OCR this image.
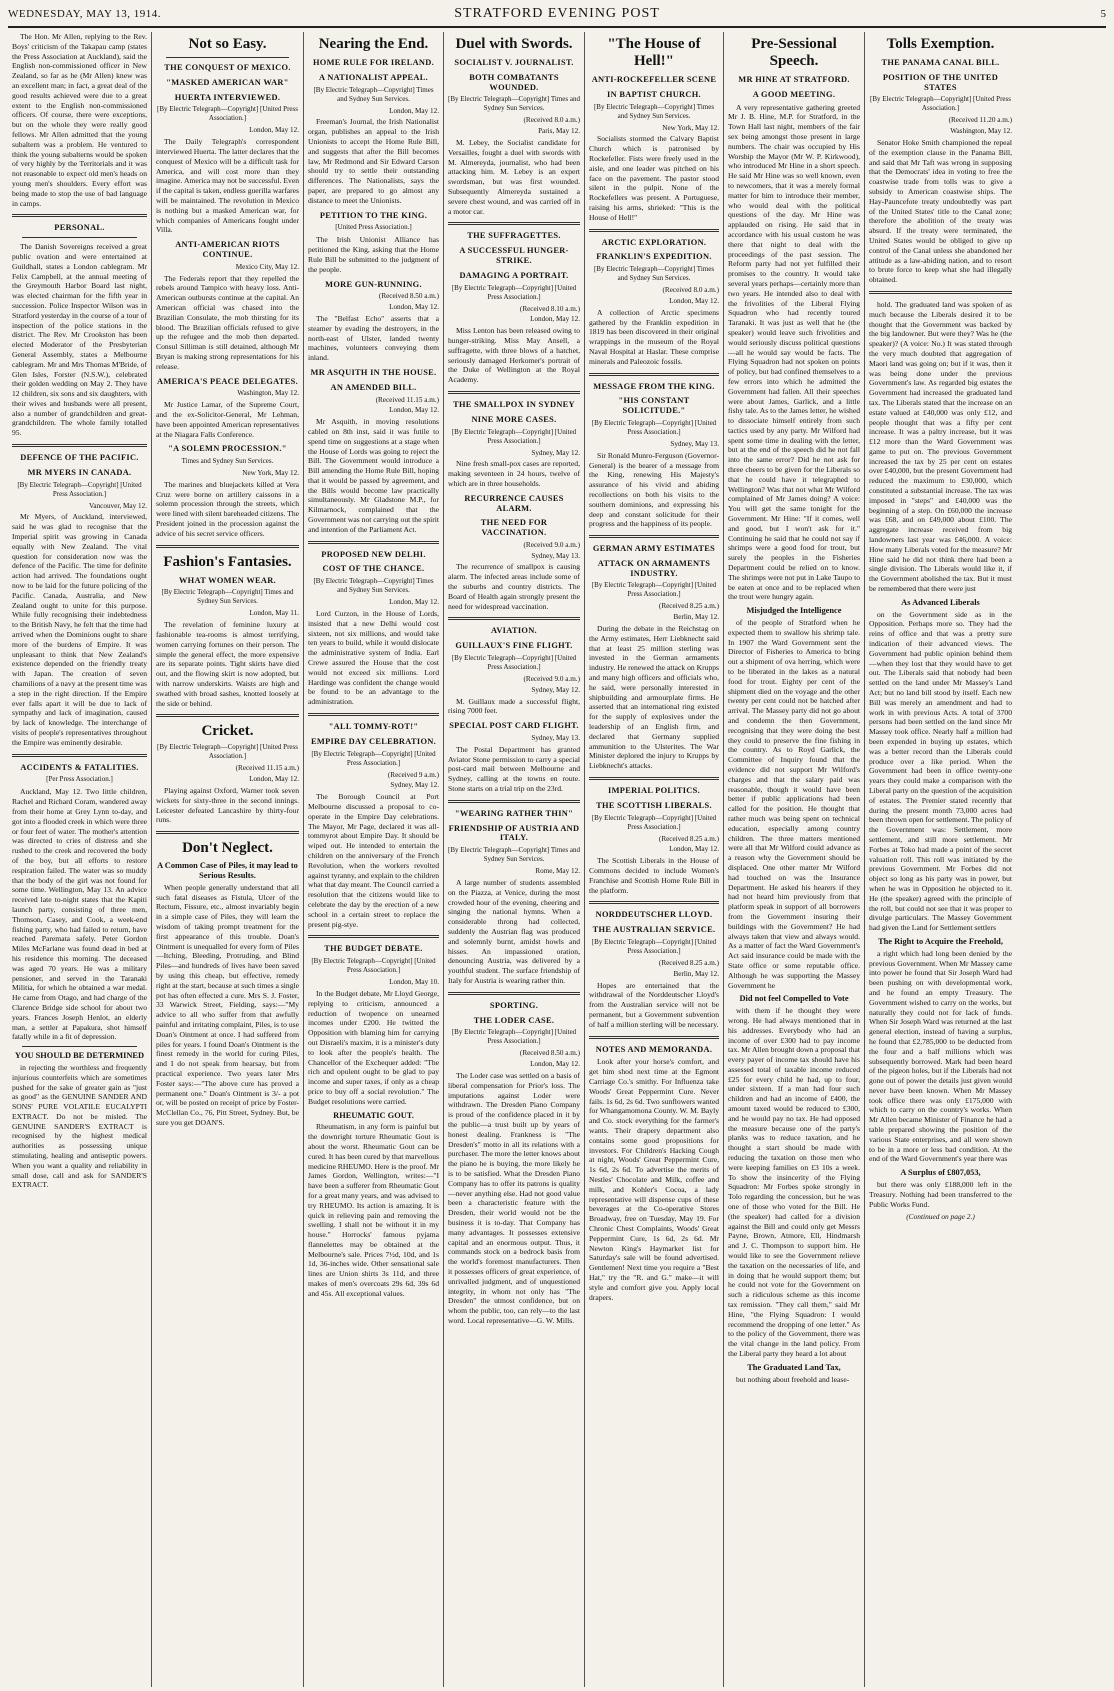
WEDNESDAY, MAY 13, 1914.	STRATFORD EVENING POST	5

The Hon. Mr Allen, replying to the Rev. Boys' criticism of the Takapau camp (states the Press Association at Auckland), said the English non-commissioned officer in New Zealand, so far as he (Mr Allen) knew was an excellent man; in fact, a great deal of the good results achieved were due to a great extent to the English non-commissioned officers. Of course, there were exceptions, but on the whole they were really good fellows. Mr Allen admitted that the young subaltern was a problem. He ventured to think the young subalterns would be spoken of very highly by the Territorials and it was not reasonable to expect old men's heads on young men's shoulders. Every effort was being made to stop the use of bad language in camps.

PERSONAL.

The Danish Sovereigns received a great public ovation and were entertained at Guildhall, states a London cablegram. Mr Felix Campbell, at the annual meeting of the Greymouth Harbor Board last night, was elected chairman for the fifth year in succession. Police Inspector Wilson was in Stratford yesterday in the course of a tour of inspection of the police stations in the district. The Rev. Mr Crookston has been elected Moderator of the Presbyterian General Assembly, states a Melbourne cablegram. Mr and Mrs Thomas M'Bride, of Glen Isles, Forster (N.S.W.), celebrated their golden wedding on May 2. They have 12 children, six sons and six daughters, with their wives and husbands were all present, also a number of grandchildren and great-grandchildren. The whole family totalled 95.

DEFENCE OF THE PACIFIC.
MR MYERS IN CANADA.
[By Electric Telegraph—Copyright] [United Press Association.]
Vancouver, May 12.

Mr Myers, of Auckland, interviewed, said he was glad to recognise that the Imperial spirit was growing in Canada equally with New Zealand. The vital question for consideration now was the defence of the Pacific. The time for definite action had arrived. The foundations ought now to be laid for the future policing of the Pacific. Canada, Australia, and New Zealand ought to unite for this purpose. While fully recognising their indebtedness to the British Navy, he felt that the time had arrived when the Dominions ought to share more of the burdens of Empire. It was unpleasant to think that New Zealand's existence depended on the friendly treaty with Japan. The creation of seven chamilions of a navy at the present time was a step in the right direction. If the Empire ever falls apart it will be due to lack of sympathy and lack of imagination, caused by lack of knowledge. The interchange of visits of people's representatives throughout the Empire was eminently desirable.

ACCIDENTS & FATALITIES.
[Per Press Association.]

Auckland, May 12. Two little children, Rachel and Richard Coram, wandered away from their home at Grey Lynn to-day, and got into a flooded creek in which were three or four feet of water. The mother's attention was directed to cries of distress and she rushed to the creek and recovered the body of the boy, but all efforts to restore respiration failed. The water was so muddy that the body of the girl was not found for some time. Wellington, May 13. An advice received late to-night states that the Kapiti launch party, consisting of three men, Thomson, Casey, and Cook, a week-end fishing party, who had failed to return, have reached Paremata safely. Peter Gordon Miles McFarlane was found dead in bed at his residence this morning. The deceased was aged 70 years. He was a military pensioner, and served in the Taranaki Militia, for which he obtained a war medal. He came from Otago, and had charge of the Clarence Bridge side school for about two years. Frances Joseph Henlot, an elderly man, a settler at Papakura, shot himself fatally while in a fit of depression.

YOU SHOULD BE DETERMINED

in rejecting the worthless and frequently injurious counterfeits which are sometimes pushed for the sake of greater gain as "just as good" as the GENUINE SANDER AND SONS' PURE VOLATILE EUCALYPTI EXTRACT. Do not be misled. The GENUINE SANDER'S EXTRACT is recognised by the highest medical authorities as possessing unique stimulating, healing and antiseptic powers. When you want a quality and reliability in small dose, call and ask for SANDER'S EXTRACT.

Not so Easy.
THE CONQUEST OF MEXICO.
"MASKED AMERICAN WAR"
HUERTA INTERVIEWED.
[By Electric Telegraph—Copyright] [United Press Association.]
London, May 12.

The Daily Telegraph's correspondent interviewed Huerta. The latter declares that the conquest of Mexico will be a difficult task for America, and will cost more than they imagine. America may not be successful. Even if the capital is taken, endless guerilla warfares will be maintained. The revolution in Mexico is nothing but a masked American war, for which companies of Americans fought under Villa.

ANTI-AMERICAN RIOTS CONTINUE.
Mexico City, May 12.

The Federals report that they repelled the rebels around Tampico with heavy loss. Anti-American outbursts continue at the capital. An American official was chased into the Brazilian Consulate, the mob thirsting for its blood. The Brazilian officials refused to give up the refugee and the mob then departed. Consul Silliman is still detained, although Mr Bryan is making strong representations for his release.

AMERICA'S PEACE DELEGATES.
Washington, May 12.

Mr Justice Lamar, of the Supreme Court, and the ex-Solicitor-General, Mr Lehman, have been appointed American representatives at the Niagara Falls Conference.

"A SOLEMN PROCESSION."
Times and Sydney Sun Services.
New York, May 12.

The marines and bluejackets killed at Vera Cruz were borne on artillery caissons in a solemn procession through the streets, which were lined with silent bareheaded citizens. The President joined in the procession against the advice of his secret service officers.

Fashion's Fantasies.
WHAT WOMEN WEAR.
[By Electric Telegraph—Copyright] Times and Sydney Sun Services.
London, May 11.

The revelation of feminine luxury at fashionable tea-rooms is almost terrifying, women carrying fortunes on their person. The simple the general effect, the more expensive are its separate points. Tight skirts have died out, and the flowing skirt is now adopted, but with narrow underskirts. Waists are high and swathed with broad sashes, knotted loosely at the side or behind.

Cricket.
[By Electric Telegraph—Copyright] [United Press Association.]
(Received 11.15 a.m.)
London, May 12.

Playing against Oxford, Warner took seven wickets for sixty-three in the second innings. Leicester defeated Lancashire by thirty-four runs.

Don't Neglect.
A Common Case of Piles, it may lead to Serious Results.

When people generally understand that all such fatal diseases as Fistula, Ulcer of the Rectum, Fissure, etc., almost invariably begin in a simple case of Piles, they will learn the wisdom of taking prompt treatment for the first appearance of this trouble. Doan's Ointment is unequalled for every form of Piles—Itching, Bleeding, Protruding, and Blind Piles—and hundreds of lives have been saved by using this cheap, but effective, remedy right at the start, because at such times a single pot has often effected a cure. Mrs S. J. Foster, 33 Warwick Street, Fielding, says:—"My advice to all who suffer from that awfully painful and irritating complaint, Piles, is to use Doan's Ointment at once. I had suffered from piles for years. I found Doan's Ointment is the finest remedy in the world for curing Piles, and I do not speak from hearsay, but from practical experience. Two years later Mrs Foster says:—"The above cure has proved a permanent one." Doan's Ointment is 3/- a pot or, will be posted on receipt of price by Foster-McClellan Co., 76, Pitt Street, Sydney. But, be sure you get DOAN'S.

Nearing the End.
HOME RULE FOR IRELAND.
A NATIONALIST APPEAL.
[By Electric Telegraph—Copyright] Times and Sydney Sun Services.
London, May 12.

Freeman's Journal, the Irish Nationalist organ, publishes an appeal to the Irish Unionists to accept the Home Rule Bill, and suggests that after the Bill becomes law, Mr Redmond and Sir Edward Carson should try to settle their outstanding differences. The Nationalists, says the paper, are prepared to go almost any distance to meet the Unionists.

PETITION TO THE KING.
[United Press Association.]

The Irish Unionist Alliance has petitioned the King, asking that the Home Rule Bill be submitted to the judgment of the people.

MORE GUN-RUNNING.
(Received 8.50 a.m.)
London, May 12.

The "Belfast Echo" asserts that a steamer by evading the destroyers, in the north-east of Ulster, landed twenty machines, volunteers conveying them inland.

MR ASQUITH IN THE HOUSE.
AN AMENDED BILL.
(Received 11.15 a.m.)
London, May 12.

Mr Asquith, in moving resolutions cabled on 8th inst, said it was futile to spend time on suggestions at a stage when the House of Lords was going to reject the Bill. The Government would introduce a Bill amending the Home Rule Bill, hoping that it would be passed by agreement, and the Bills would become law practically simultaneously. Mr Gladstone M.P., for Kilmarnock, complained that the Government was not carrying out the spirit and intention of the Parliament Act.

PROPOSED NEW DELHI.
COST OF THE CHANCE.
[By Electric Telegraph—Copyright] Times and Sydney Sun Services.
London, May 12.

Lord Curzon, in the House of Lords, insisted that a new Delhi would cost sixteen, not six millions, and would take ten years to build, while it would dislocate the administrative system of India. Earl Crewe assured the House that the cost would not exceed six millions. Lord Hardinge was confident the change would be found to be an advantage to the administration.

"ALL TOMMY-ROT!"
EMPIRE DAY CELEBRATION.
[By Electric Telegraph—Copyright] [United Press Association.]
(Received 9 a.m.)
Sydney, May 12.

The Borough Council at Port Melbourne discussed a proposal to co-operate in the Empire Day celebrations. The Mayor, Mr Page, declared it was all-tommyrot about Empire Day. It should be wiped out. He intended to entertain the children on the anniversary of the French Revolution, when the workers revolted against tyranny, and explain to the children what that day meant. The Council carried a resolution that the citizens would like to celebrate the day by the erection of a new school in a certain street to replace the present pig-stye.

THE BUDGET DEBATE.
[By Electric Telegraph—Copyright] [United Press Association.]
London, May 10.

In the Budget debate, Mr Lloyd George, replying to criticism, announced a reduction of twopence on unearned incomes under £200. He twitted the Opposition with blaming him for carrying out Disraeli's maxim, it is a minister's duty to look after the people's health. The Chancellor of the Exchequer added: "The rich and opulent ought to be glad to pay income and super taxes, if only as a cheap price to buy off a social revolution." The Budget resolutions were carried.

RHEUMATIC GOUT.

Rheumatism, in any form is painful but the downright torture Rheumatic Gout is about the worst. Rheumatic Gout can be cured. It has been cured by that marvellous medicine RHEUMO. Here is the proof. Mr James Gordon, Wellington, writes:—"I have been a sufferer from Rheumatic Gout for a great many years, and was advised to try RHEUMO. Its action is amazing. It is quick in relieving pain and removing the swelling. I shall not be without it in my house." Horrocks' famous pyjama flannelettes may be obtained at the Melbourne's sale. Prices 7½d, 10d, and 1s 1d, 36-inches wide. Other sensational sale lines are Union shirts 3s 11d, and three makes of men's overcoats 29s 6d, 39s 6d and 45s. All exceptional values.

Duel with Swords.
SOCIALIST V. JOURNALIST.
BOTH COMBATANTS WOUNDED.
[By Electric Telegraph—Copyright] Times and Sydney Sun Services.
(Received 8.0 a.m.)
Paris, May 12.

M. Lebey, the Socialist candidate for Versailles, fought a duel with swords with M. Almereyda, journalist, who had been attacking him. M. Lebey is an expert swordsman, but was first wounded. Subsequently Almereyda sustained a severe chest wound, and was carried off in a motor car.

THE SUFFRAGETTES.
A SUCCESSFUL HUNGER-STRIKE.
DAMAGING A PORTRAIT.
[By Electric Telegraph—Copyright] [United Press Association.]
(Received 8.10 a.m.)
London, May 12.

Miss Lenton has been released owing to hunger-striking. Miss May Ansell, a suffragette, with three blows of a hatchet, seriously damaged Herkomer's portrait of the Duke of Wellington at the Royal Academy.

THE SMALLPOX IN SYDNEY
NINE MORE CASES.
[By Electric Telegraph—Copyright] [United Press Association.]
Sydney, May 12.

Nine fresh small-pox cases are reported, making seventeen in 24 hours, twelve of which are in three households.

RECURRENCE CAUSES ALARM.
THE NEED FOR VACCINATION.
(Received 9.0 a.m.)
Sydney, May 13.

The recurrence of smallpox is causing alarm. The infected areas include some of the suburbs and country districts. The Board of Health again strongly present the need for widespread vaccination.

AVIATION.
GUILLAUX'S FINE FLIGHT.
[By Electric Telegraph—Copyright] [United Press Association.]
(Received 9.0 a.m.)
Sydney, May 12.

M. Guillaux made a successful flight, rising 7000 feet.

SPECIAL POST CARD FLIGHT.
Sydney, May 13.

The Postal Department has granted Aviator Stone permission to carry a special post-card mail between Melbourne and Sydney, calling at the towns en route. Stone starts on a trial trip on the 23rd.

"WEARING RATHER THIN"
FRIENDSHIP OF AUSTRIA AND ITALY.
[By Electric Telegraph—Copyright] Times and Sydney Sun Services.
Rome, May 12.

A large number of students assembled on the Piazza, at Venice, during the most crowded hour of the evening, cheering and singing the national hymns. When a considerable throng had collected, suddenly the Austrian flag was produced and solemnly burnt, amidst howls and hisses. An impassioned oration, denouncing Austria, was delivered by a youthful student. The surface friendship of Italy for Austria is wearing rather thin.

SPORTING.
THE LODER CASE.
[By Electric Telegraph—Copyright] [United Press Association.]
(Received 8.50 a.m.)
London, May 12.

The Loder case was settled on a basis of liberal compensation for Prior's loss. The imputations against Loder were withdrawn. The Dresden Piano Company is proud of the confidence placed in it by the public—a trust built up by years of honest dealing. Frankness is "The Dresden's" motto in all its relations with a purchaser. The more the letter knows about the piano he is buying, the more likely he is to be satisfied. What the Dresden Piano Company has to offer its patrons is quality—never anything else. Had not good value been a characteristic feature with the Dresden, their world would not be the business it is to-day. That Company has many advantages. It possesses extensive capital and an enormous output. Thus, it commands stock on a bedrock basis from the world's foremost manufacturers. Then it possesses officers of great experience, of unrivalled judgment, and of unquestioned integrity, in whom not only has "The Dresden" the utmost confidence, but on whom the public, too, can rely—to the last word. Local representative—G. W. Mills.

"The House of Hell!"
ANTI-ROCKEFELLER SCENE
IN BAPTIST CHURCH.
[By Electric Telegraph—Copyright] Times and Sydney Sun Services.
New York, May 12.

Socialists stormed the Calvary Baptist Church which is patronised by Rockefeller. Fists were freely used in the aisle, and one leader was pitched on his face on the pavement. The pastor stood silent in the pulpit. None of the Rockefellers was present. A Portuguese, raising his arms, shrieked: "This is the House of Hell!"

ARCTIC EXPLORATION.
FRANKLIN'S EXPEDITION.
[By Electric Telegraph—Copyright] Times and Sydney Sun Services.
(Received 8.0 a.m.)
London, May 12.

A collection of Arctic specimens gathered by the Franklin expedition in 1819 has been discovered in their original wrappings in the museum of the Royal Naval Hospital at Haslar. These comprise minerals and Paleozoic fossils.

MESSAGE FROM THE KING.
"HIS CONSTANT SOLICITUDE."
[By Electric Telegraph—Copyright] [United Press Association.]
Sydney, May 13.

Sir Ronald Munro-Ferguson (Governor-General) is the bearer of a message from the King, renewing His Majesty's assurance of his vivid and abiding recollections on both his visits to the southern dominions, and expressing his deep and constant solicitude for their progress and the happiness of its people.

GERMAN ARMY ESTIMATES
ATTACK ON ARMAMENTS INDUSTRY.
[By Electric Telegraph—Copyright] [United Press Association.]
(Received 8.25 a.m.)
Berlin, May 12.

During the debate in the Reichstag on the Army estimates, Herr Liebknecht said that at least 25 million sterling was invested in the German armaments industry. He renewed the attack on Krupps and many high officers and officials who, he said, were personally interested in shipbuilding and armourplate firms. He asserted that an international ring existed for the supply of explosives under the leadership of an English firm, and declared that Germany supplied ammunition to the Ulsterites. The War Minister deplored the injury to Krupps by Liebknecht's attacks.

IMPERIAL POLITICS.
THE SCOTTISH LIBERALS.
[By Electric Telegraph—Copyright] [United Press Association.]
(Received 8.25 a.m.)
London, May 12.

The Scottish Liberals in the House of Commons decided to include Women's Franchise and Scottish Home Rule Bill in the platform.

NORDDEUTSCHER LLOYD.
THE AUSTRALIAN SERVICE.
[By Electric Telegraph—Copyright] [United Press Association.]
(Received 8.25 a.m.)
Berlin, May 12.

Hopes are entertained that the withdrawal of the Norddeutscher Lloyd's from the Australian service will not be permanent, but a Government subvention of half a million sterling will be necessary.

NOTES AND MEMORANDA.

Look after your horse's comfort, and get him shod next time at the Egmont Carriage Co.'s smithy. For Influenza take Woods' Great Peppermint Cure. Never fails. 1s 6d, 2s 6d. Two sunflowers wanted for Whangamomona County. W. M. Bayly and Co. stock everything for the farmer's wants. Their drapery department also contains some good propositions for investors. For Children's Hacking Cough at night, Woods' Great Peppermint Cure, 1s 6d, 2s 6d. To advertise the merits of Nestles' Chocolate and Milk, coffee and milk, and Kohler's Cocoa, a lady representative will dispense cups of these beverages at the Co-operative Stores Broadway, free on Tuesday, May 19. For Chronic Chest Complaints, Woods' Great Peppermint Cure, 1s 6d, 2s 6d. Mr Newton King's Haymarket list for Saturday's sale will be found advertised. Gentlemen! Next time you require a "Best Hat," try the "R. and G." make—it will style and comfort give you. Apply local drapers.

Pre-Sessional Speech.
MR HINE AT STRATFORD.
A GOOD MEETING.

A very representative gathering greeted Mr J. B. Hine, M.P. for Stratford, in the Town Hall last night, members of the fair sex being amongst those present in large numbers. The chair was occupied by His Worship the Mayor (Mr W. P. Kirkwood), who introduced Mr Hine in a short speech. He said Mr Hine was so well known, even to newcomers, that it was a merely formal matter for him to introduce their member, who would deal with the political questions of the day. Mr Hine was applauded on rising. He said that in accordance with his usual custom he was there that night to deal with the proceedings of the past session. The Reform party had not yet fulfilled their promises to the country. It would take several years perhaps—certainly more than two years. He intended also to deal with the frivolities of the Liberal Flying Squadron who had recently toured Taranaki. It was just as well that he (the speaker) would leave such frivolities and would seriously discuss political questions—all he would say would be facts. The Flying Squadron had not spoken on points of policy, but had confined themselves to a few errors into which he admitted the Government had fallen. All their speeches were about James, Garlick, and a little fishy tale. As to the James letter, he wished to dissociate himself entirely from such tactics used by any party. Mr Wilford had spent some time in dealing with the letter, but at the end of the speech did he not fall into the same error? Did he not ask for three cheers to be given for the Liberals so that he could have it telegraphed to Wellington? Was that not what Mr Wilford complained of Mr James doing? A voice: You will get the same tonight for the Government. Mr Hine: "If it comes, well and good, but I won't ask for it." Continuing he said that he could not say if shrimps were a good food for trout, but surely the peoples in the Fisheries Department could be relied on to know. The shrimps were not put in Lake Taupo to be eaten at once and to be replaced when the trout were hungry again.

Misjudged the Intelligence

of the people of Stratford when he expected them to swallow his shrimp tale. In 1907 the Ward Government sent the Director of Fisheries to America to bring out a shipment of ova herring, which were to be liberated in the lakes as a natural food for trout. Eighty per cent of the shipment died on the voyage and the other twenty per cent could not be hatched after arrival. The Massey party did not go about and condemn the then Government, recognising that they were doing the best they could to preserve the fine fishing in the country. As to Royd Garlick, the Committee of Inquiry found that the evidence did not support Mr Wilford's charges and that the salary paid was reasonable, though it would have been better if public applications had been called for the position. He thought that rather much was being spent on technical education, especially among country children. The three matters mentioned were all that Mr Wilford could advance as a reason why the Government should be displaced. One other matter Mr Wilford had touched on was the Insurance Department. He asked his hearers if they had not heard him previously from that platform speak in support of all borrowers from the Government insuring their buildings with the Government? He had always taken that view and always would. As a matter of fact the Ward Government's Act said insurance could be made with the State office or some reputable office. Although he was supporting the Massey Government he

Did not feel Compelled to Vote

with them if he thought they were wrong. He had always mentioned that in his addresses. Everybody who had an income of over £300 had to pay income tax. Mr Allen brought down a proposal that every payer of income tax should have his assessed total of taxable income reduced £25 for every child he had, up to four, under sixteen. If a man had four such children and had an income of £400, the amount taxed would be reduced to £300, and he would pay no tax. He had opposed the measure because one of the party's planks was to reduce taxation, and he thought a start should be made with reducing the taxation on those men who were keeping families on £3 10s a week. To show the insincerity of the Flying Squadron: Mr Forbes spoke strongly in Tolo regarding the concession, but he was one of those who voted for the Bill. He (the speaker) had called for a division against the Bill and could only get Messrs Payne, Brown, Atmore, Ell, Hindmarsh and J. C. Thompson to support him. He would like to see the Government relieve the taxation on the necessaries of life, and in doing that he would support them; but he could not vote for the Government on such a ridiculous scheme as this income tax remission. "They call them," said Mr Hine, "the Flying Squadron: I would recommend the dropping of one letter." As to the policy of the Government, there was the vital change in the land policy. From the Liberal party they heard a lot about

The Graduated Land Tax,

but nothing about freehold and lease-

Tolls Exemption.
THE PANAMA CANAL BILL.
POSITION OF THE UNITED STATES
[By Electric Telegraph—Copyright] [United Press Association.]
(Received 11.20 a.m.)
Washington, May 12.

Senator Hoke Smith championed the repeal of the exemption clause in the Panama Bill, and said that Mr Taft was wrong in supposing that the Democrats' idea in voting to free the coastwise trade from tolls was to give a subsidy to American coastwise ships. The Hay-Pauncefote treaty undoubtedly was part of the United States' title to the Canal zone; therefore the abolition of the treaty was absurd. If the treaty were terminated, the United States would be obliged to give up control of the Canal unless she abandoned her attitude as a law-abiding nation, and to resort to brute force to keep what she had illegally obtained.

hold. The graduated land was spoken of as much because the Liberals desired it to be thought that the Government was backed by the big landowner. But were they? Was he (the speaker)? (A voice: No.) It was stated through the very much doubted that aggregation of Maori land was going on; but if it was, then it was being done under the previous Government's law. As regarded big estates the Government had increased the graduated land tax. The Liberals stated that the increase on an estate valued at £40,000 was only £12, and people thought that was a fifty per cent increase. It was a paltry increase, but it was £12 more than the Ward Government was game to put on. The previous Government increased the tax by 25 per cent on estates over £40,000, but the present Government had reduced the maximum to £30,000, which constituted a substantial increase. The tax was imposed in "steps" and £40,000 was the beginning of a step. On £60,000 the increase was £68, and on £49,000 about £100. The aggregate increase received from big landowners last year was £46,000. A voice: How many Liberals voted for the measure? Mr Hine said he did not think there had been a single division. The Liberals would like it, if the Government abolished the tax. But it must be remembered that there were just

As Advanced Liberals

on the Government side as in the Opposition. Perhaps more so. They had the reins of office and that was a pretty sure indication of their advanced views. The Government had public opinion behind them—when they lost that they would have to get out. The Liberals said that nobody had been settled on the land under Mr Massey's Land Act; but no land bill stood by itself. Each new Bill was merely an amendment and had to work in with previous Acts. A total of 3700 persons had been settled on the land since Mr Massey took office. Nearly half a million had been expended in buying up estates, which was a better record than the Liberals could produce over a like period. When the Government had been in office twenty-one years they could make a comparison with the Liberal party on the question of the acquisition of estates. The Premier stated recently that during the present month 73,000 acres had been thrown open for settlement. The policy of the Government was: Settlement, more settlement, and still more settlement. Mr Forbes at Toko had made a point of the secret valuation roll. This roll was initiated by the previous Government. Mr Forbes did not object so long as his party was in power, but when he was in Opposition he objected to it. He (the speaker) agreed with the principle of the roll, but could not see that it was proper to divulge particulars. The Massey Government had given the Land for Settlement settlers

The Right to Acquire the Freehold,

a right which had long been denied by the previous Government. When Mr Massey came into power he found that Sir Joseph Ward had been pushing on with developmental work, and he found an empty Treasury. The Government wished to carry on the works, but naturally they could not for lack of funds. When Sir Joseph Ward was returned at the last general election, instead of having a surplus, he found that £2,785,000 to be deducted from the four and a half millions which was subsequently borrowed. Mark had been heard of the pigeon holes, but if the Liberals had not gone out of power the details just given would never have been known. When Mr Massey took office there was only £175,000 with which to carry on the country's works. When Mr Allen became Minister of Finance he had a table prepared showing the position of the various State enterprises, and all were shown to be in a more or less bad condition. At the end of the Ward Government's year there was

A Surplus of £807,053,

but there was only £188,000 left in the Treasury. Nothing had been transferred to the Public Works Fund.

(Continued on page 2.)
